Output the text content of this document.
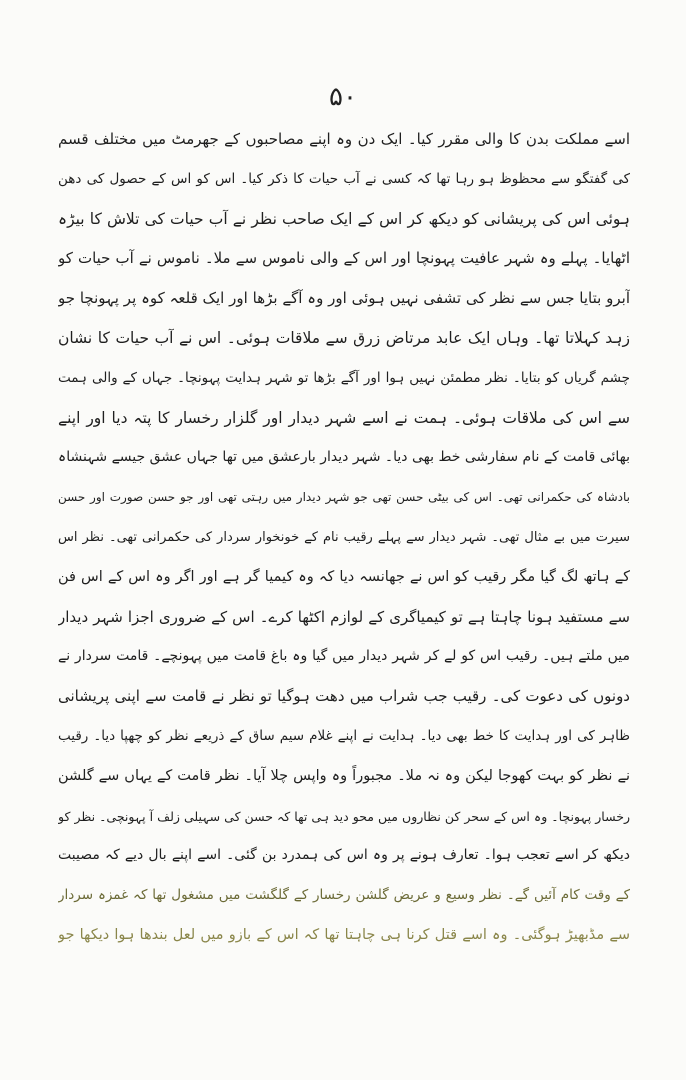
۵۰
اسے مملکت بدن کا والی مقرر کیا۔ ایک دن وہ اپنے مصاحبوں کے جھرمٹ میں مختلف قسم
کی گفتگو سے محظوظ ہو رہا تھا کہ کسی نے آب حیات کا ذکر کیا۔ اس کو اس کے حصول کی دھن
ہوئی اس کی پریشانی کو دیکھ کر اس کے ایک صاحب نظر نے آب حیات کی تلاش کا بیڑہ
اٹھایا۔ پہلے وہ شہر عافیت پہونچا اور اس کے والی ناموس سے ملا۔ ناموس نے آب حیات کو
آبرو بتایا جس سے نظر کی تشفی نہیں ہوئی اور وہ آگے بڑھا اور ایک قلعہ کوہ پر پہونچا جو
زہد کہلاتا تھا۔ وہاں ایک عابد مرتاض زرق سے ملاقات ہوئی۔ اس نے آب حیات کا نشان
چشم گریاں کو بتایا۔ نظر مطمئن نہیں ہوا اور آگے بڑھا تو شہر ہدایت پہونچا۔ جہاں کے والی ہمت
سے اس کی ملاقات ہوئی۔ ہمت نے اسے شہر دیدار اور گلزار رخسار کا پتہ دیا اور اپنے
بھائی قامت کے نام سفارشی خط بھی دیا۔ شہر دیدار بارعشق میں تھا جہاں عشق جیسے شہنشاہ
بادشاہ کی حکمرانی تھی۔ اس کی بیٹی حسن تھی جو شہر دیدار میں رہتی تھی اور جو حسن صورت اور حسن
سیرت میں بے مثال تھی۔ شہر دیدار سے پہلے رقیب نام کے خونخوار سردار کی حکمرانی تھی۔ نظر اس
کے ہاتھ لگ گیا مگر رقیب کو اس نے جھانسہ دیا کہ وہ کیمیا گر ہے اور اگر وہ اس کے اس فن
سے مستفید ہونا چاہتا ہے تو کیمیاگری کے لوازم اکٹھا کرے۔ اس کے ضروری اجزا شہر دیدار
میں ملتے ہیں۔ رقیب اس کو لے کر شہر دیدار میں گیا وہ باغ قامت میں پہونچے۔ قامت سردار نے
دونوں کی دعوت کی۔ رقیب جب شراب میں دھت ہوگیا تو نظر نے قامت سے اپنی پریشانی
ظاہر کی اور ہدایت کا خط بھی دیا۔ ہدایت نے اپنے غلام سیم ساق کے ذریعے نظر کو چھپا دیا۔ رقیب
نے نظر کو بہت کھوجا لیکن وہ نہ ملا۔ مجبوراً وہ واپس چلا آیا۔ نظر قامت کے یہاں سے گلشن
رخسار پہونچا۔ وہ اس کے سحر کن نظاروں میں محو دید ہی تھا کہ حسن کی سہیلی زلف آ پہونچی۔ نظر کو
دیکھ کر اسے تعجب ہوا۔ تعارف ہونے پر وہ اس کی ہمدرد بن گئی۔ اسے اپنے بال دیے کہ مصیبت
کے وقت کام آئیں گے۔ نظر وسیع و عریض گلشن رخسار کے گلگشت میں مشغول تھا کہ غمزہ سردار
سے مڈبھیڑ ہوگئی۔ وہ اسے قتل کرنا ہی چاہتا تھا کہ اس کے بازو میں لعل بندھا ہوا دیکھا جو
